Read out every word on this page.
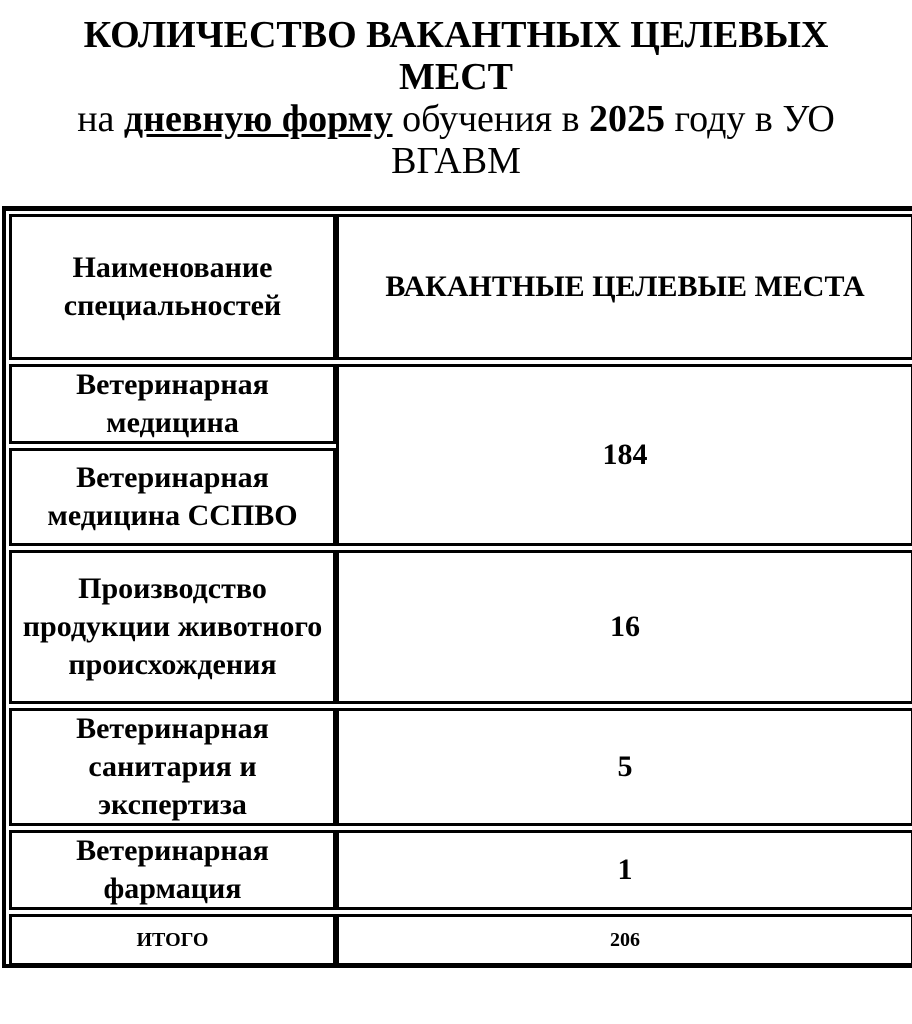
КОЛИЧЕСТВО ВАКАНТНЫХ ЦЕЛЕВЫХ МЕСТ
на дневную форму обучения в 2025 году в УО ВГАВМ
Наименование специальностей
ВАКАНТНЫЕ ЦЕЛЕВЫЕ МЕСТА
Ветеринарная медицина
Ветеринарная медицина ССПВО
184
Производство продукции животного происхождения
16
Ветеринарная санитария и экспертиза
5
Ветеринарная фармация
1
ИТОГО	206
